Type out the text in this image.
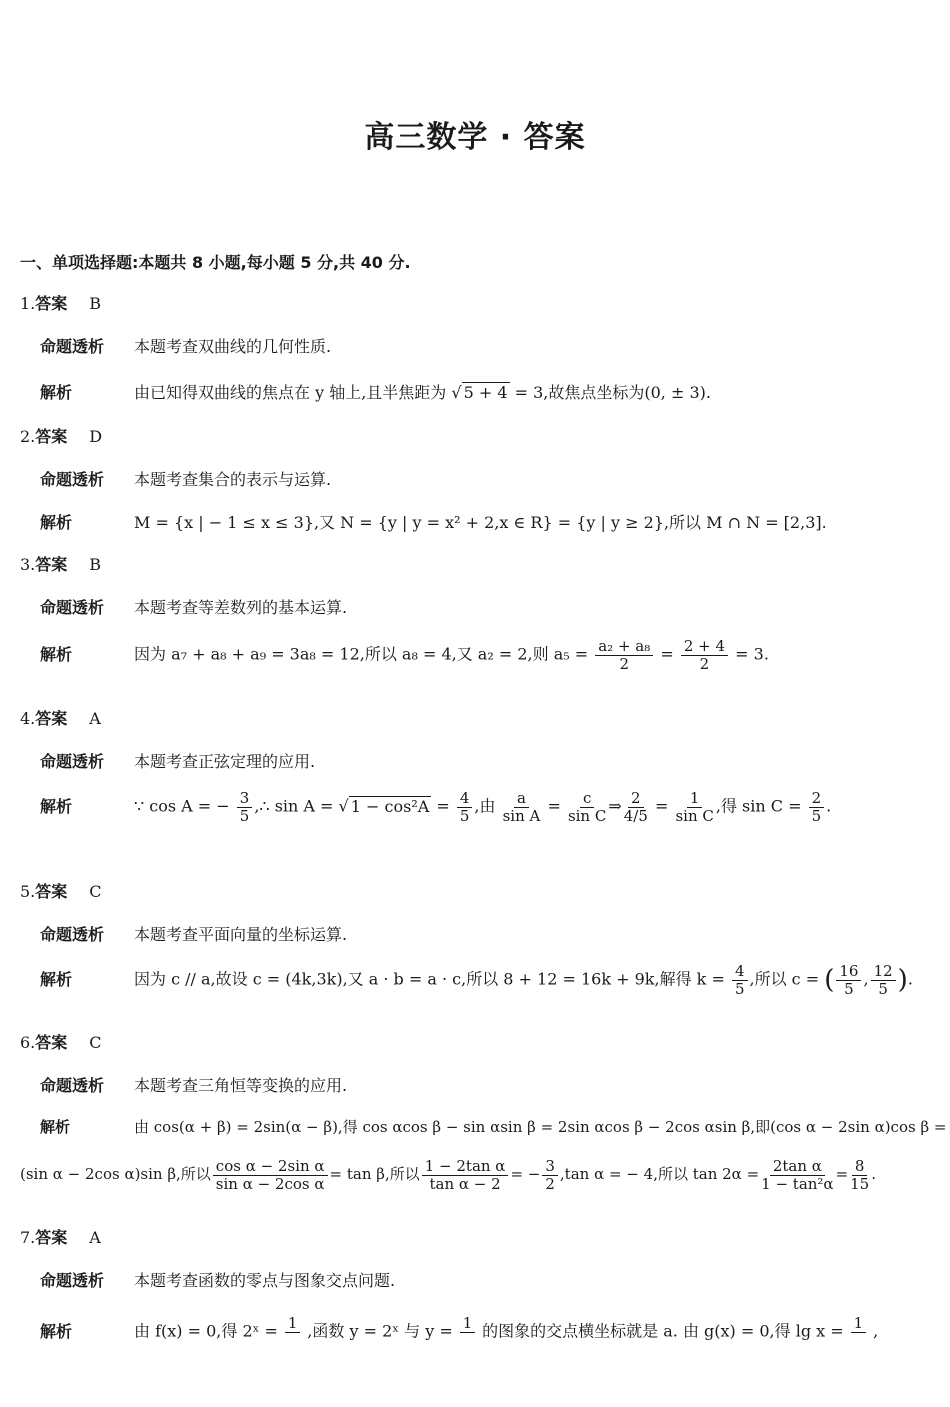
高三数学 · 答案
一、单项选择题:本题共 8 小题,每小题 5 分,共 40 分.
1.答案 B
命题透析 本题考查双曲线的几何性质.
解析	由已知得双曲线的焦点在 y 轴上,且半焦距为 √ 5 + 4 = 3,故焦点坐标为(0, ± 3).
2.答案 D
命题透析 本题考查集合的表示与运算.
解析	M = {x | − 1 ≤ x ≤ 3},又 N = {y | y = x² + 2,x ∈ R} = {y | y ≥ 2},所以 M ∩ N = [2,3].
3.答案 B
命题透析 本题考查等差数列的基本运算.
解析	因为 a₇ + a₈ + a₉ = 3a₈ = 12,所以 a₈ = 4,又 a₂ = 2,则 $a_5 = \frac{\text{a₂ + a₈}}{2} = \frac{2 + 4}{2} = 3$.
4.答案 A
命题透析 本题考查正弦定理的应用.
解析	∵ cos A = − $\frac{3}{5}$ ,∴ sin A = √ $1 - \cos^2A = \frac{4}{5}$ ,由 $\frac{a}{\text{sin A}} = \frac{c}{\text{sin C}}$ ⇒ $\frac{2}{4/5} = \frac{1}{\text{sin C}}$ ,得 $\sin C = \frac{2}{5}$ .
5.答案 C
命题透析 本题考查平面向量的坐标运算.
解析	因为 c // a,故设 c = (4k,3k),又 a · b = a · c,所以 8 + 12 = 16k + 9k,解得 $k = \frac{4}{5}$ ,所以 c = ( $\frac{16}{5}$ , $\frac{12}{5}$ ).
6.答案 C
命题透析 本题考查三角恒等变换的应用.
解析	由 cos(α + β) = 2sin(α − β),得 cos αcos β − sin αsin β = 2sin αcos β − 2cos αsin β,即(cos α − 2sin α)cos β =
(sin α − 2cos α)sin β,所以 $\frac{\text{cos α − 2sin α}}{\text{sin α − 2cos α}} = \tan \beta$,所以 $\frac{\text{1 − 2tan α}}{\text{tan α − 2}}$ = − $\frac{3}{2} ,\tan$ α = − 4,所以 $\tan 2\alpha = \frac{\text{2tan α}}{\text{1 − tan²α}} = \frac{8}{15}$ .
7.答案 A
命题透析 本题考查函数的零点与图象交点问题.
解析	由 f(x) = 0,得 2ˣ = 1 ,函数 y = 2ˣ 与 y = 1 的图象的交点横坐标就是 a. 由 g(x) = 0,得 lg x = 1 ,
